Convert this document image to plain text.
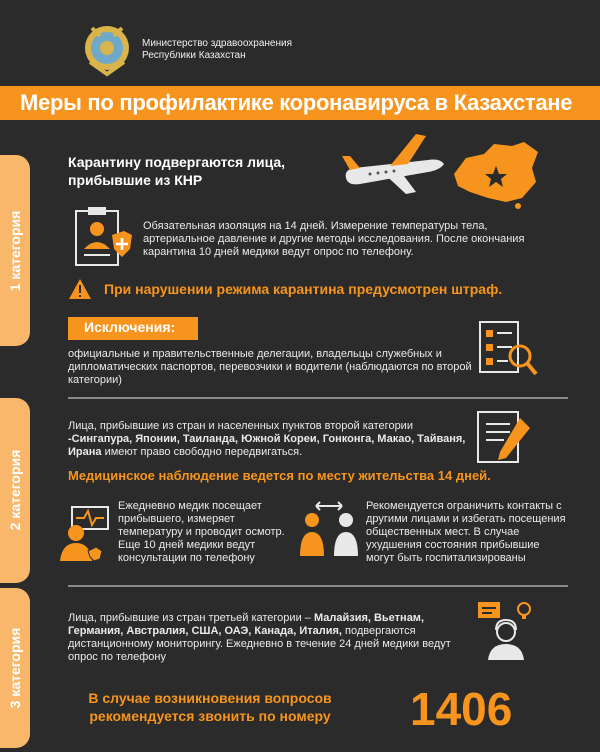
Министерство здравоохранения
Республики Казахстан
Меры по профилактике коронавируса в Казахстане
1 категория
2 категория
3 категория
Карантину подвергаются лица,
прибывшие из КНР
Обязательная изоляция на 14 дней. Измерение температуры тела, артериальное давление и другие методы исследования. После окончания карантина 10 дней медики ведут опрос по телефону.
При нарушении режима карантина предусмотрен штраф.
Исключения:
официальные и правительственные делегации, владельцы служебных и дипломатических паспортов, перевозчики и водители (наблюдаются по второй категории)
Лица, прибывшие из стран и населенных пунктов второй категории
-Сингапура, Японии, Таиланда, Южной Кореи, Гонконга, Макао, Тайваня, Ирана имеют право свободно передвигаться.
Медицинское наблюдение ведется по месту жительства 14 дней.
Ежедневно медик посещает прибывшего, измеряет температуру и проводит осмотр. Еще 10 дней медики ведут консультации по телефону
Рекомендуется ограничить контакты с другими лицами и избегать посещения общественных мест. В случае ухудшения состояния прибывшие могут быть госпитализированы
Лица, прибывшие из стран третьей категории – Малайзия, Вьетнам, Германия, Австралия, США, ОАЭ, Канада, Италия, подвергаются дистанционному мониторингу. Ежедневно в течение 24 дней медики ведут опрос по телефону
В случае возникновения вопросов
рекомендуется звонить по номеру	1406
